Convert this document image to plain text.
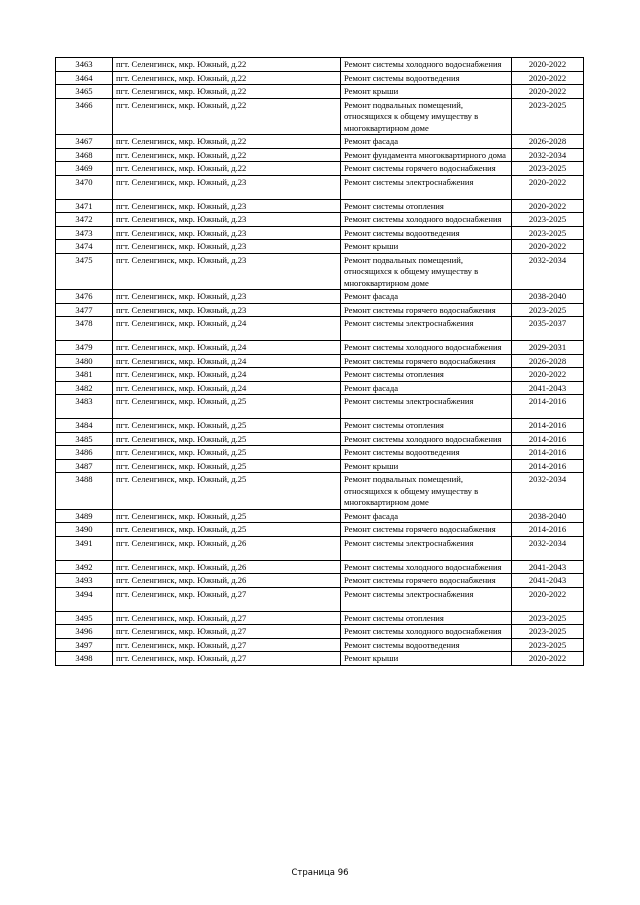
3463	пгт. Селенгинск, мкр. Южный, д.22	Ремонт системы холодного водоснабжения	2020-2022
3464	пгт. Селенгинск, мкр. Южный, д.22	Ремонт системы водоотведения	2020-2022
3465	пгт. Селенгинск, мкр. Южный, д.22	Ремонт крыши	2020-2022
3466	пгт. Селенгинск, мкр. Южный, д.22	Ремонт подвальных помещений, относящихся к общему имуществу в многоквартирном доме	2023-2025
3467	пгт. Селенгинск, мкр. Южный, д.22	Ремонт фасада	2026-2028
3468	пгт. Селенгинск, мкр. Южный, д.22	Ремонт фундамента многоквартирного дома	2032-2034
3469	пгт. Селенгинск, мкр. Южный, д.22	Ремонт системы горячего водоснабжения	2023-2025
3470	пгт. Селенгинск, мкр. Южный, д.23	Ремонт системы электроснабжения	2020-2022
3471	пгт. Селенгинск, мкр. Южный, д.23	Ремонт системы отопления	2020-2022
3472	пгт. Селенгинск, мкр. Южный, д.23	Ремонт системы холодного водоснабжения	2023-2025
3473	пгт. Селенгинск, мкр. Южный, д.23	Ремонт системы водоотведения	2023-2025
3474	пгт. Селенгинск, мкр. Южный, д.23	Ремонт крыши	2020-2022
3475	пгт. Селенгинск, мкр. Южный, д.23	Ремонт подвальных помещений, относящихся к общему имуществу в многоквартирном доме	2032-2034
3476	пгт. Селенгинск, мкр. Южный, д.23	Ремонт фасада	2038-2040
3477	пгт. Селенгинск, мкр. Южный, д.23	Ремонт системы горячего водоснабжения	2023-2025
3478	пгт. Селенгинск, мкр. Южный, д.24	Ремонт системы электроснабжения	2035-2037
3479	пгт. Селенгинск, мкр. Южный, д.24	Ремонт системы холодного водоснабжения	2029-2031
3480	пгт. Селенгинск, мкр. Южный, д.24	Ремонт системы горячего водоснабжения	2026-2028
3481	пгт. Селенгинск, мкр. Южный, д.24	Ремонт системы отопления	2020-2022
3482	пгт. Селенгинск, мкр. Южный, д.24	Ремонт фасада	2041-2043
3483	пгт. Селенгинск, мкр. Южный, д.25	Ремонт системы электроснабжения	2014-2016
3484	пгт. Селенгинск, мкр. Южный, д.25	Ремонт системы отопления	2014-2016
3485	пгт. Селенгинск, мкр. Южный, д.25	Ремонт системы холодного водоснабжения	2014-2016
3486	пгт. Селенгинск, мкр. Южный, д.25	Ремонт системы водоотведения	2014-2016
3487	пгт. Селенгинск, мкр. Южный, д.25	Ремонт крыши	2014-2016
3488	пгт. Селенгинск, мкр. Южный, д.25	Ремонт подвальных помещений, относящихся к общему имуществу в многоквартирном доме	2032-2034
3489	пгт. Селенгинск, мкр. Южный, д.25	Ремонт фасада	2038-2040
3490	пгт. Селенгинск, мкр. Южный, д.25	Ремонт системы горячего водоснабжения	2014-2016
3491	пгт. Селенгинск, мкр. Южный, д.26	Ремонт системы электроснабжения	2032-2034
3492	пгт. Селенгинск, мкр. Южный, д.26	Ремонт системы холодного водоснабжения	2041-2043
3493	пгт. Селенгинск, мкр. Южный, д.26	Ремонт системы горячего водоснабжения	2041-2043
3494	пгт. Селенгинск, мкр. Южный, д.27	Ремонт системы электроснабжения	2020-2022
3495	пгт. Селенгинск, мкр. Южный, д.27	Ремонт системы отопления	2023-2025
3496	пгт. Селенгинск, мкр. Южный, д.27	Ремонт системы холодного водоснабжения	2023-2025
3497	пгт. Селенгинск, мкр. Южный, д.27	Ремонт системы водоотведения	2023-2025
3498	пгт. Селенгинск, мкр. Южный, д.27	Ремонт крыши	2020-2022
Страница 96
